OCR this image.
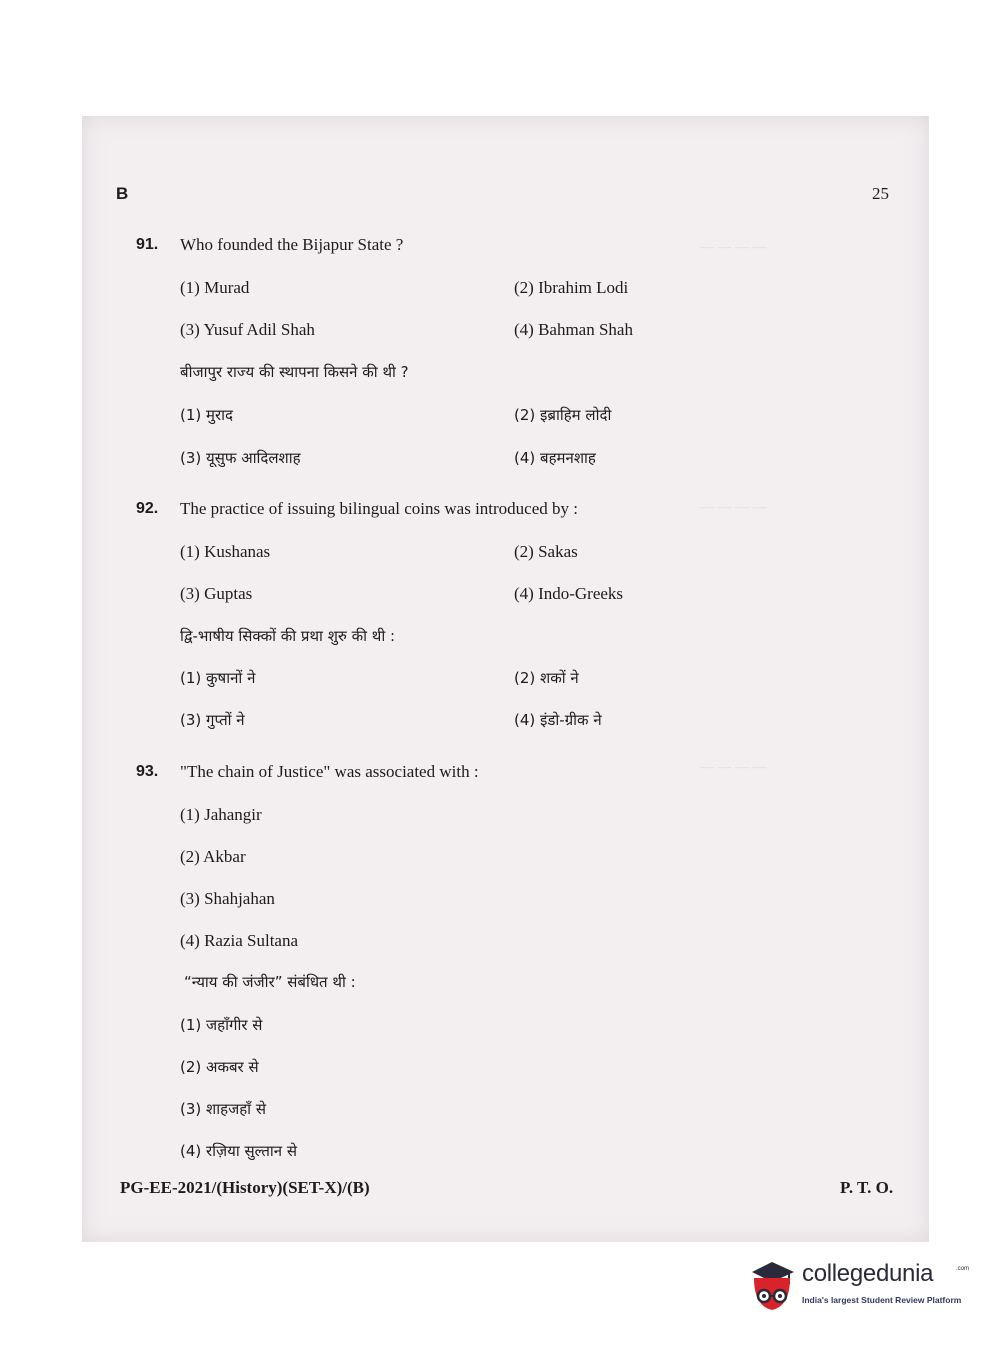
— — — —
— — — —
— — — —
B	25
91. Who founded the Bijapur State ?
(1) Murad	(2) Ibrahim Lodi
(3) Yusuf Adil Shah	(4) Bahman Shah
बीजापुर राज्य की स्थापना किसने की थी ?
(1) मुराद	(2) इब्राहिम लोदी
(3) यूसुफ आदिलशाह	(4) बहमनशाह
92. The practice of issuing bilingual coins was introduced by :
(1) Kushanas	(2) Sakas
(3) Guptas	(4) Indo-Greeks
द्वि-भाषीय सिक्कों की प्रथा शुरु की थी :
(1) कुषानों ने	(2) शकों ने
(3) गुप्तों ने	(4) इंडो-ग्रीक ने
93. "The chain of Justice" was associated with :
(1) Jahangir
(2) Akbar
(3) Shahjahan
(4) Razia Sultana
“न्याय की जंजीर” संबंधित थी :
(1) जहाँगीर से
(2) अकबर से
(3) शाहजहाँ से
(4) रज़िया सुल्तान से
PG-EE-2021/(History)(SET-X)/(B)	P. T. O.
collegedunia	.com
India's largest Student Review Platform
